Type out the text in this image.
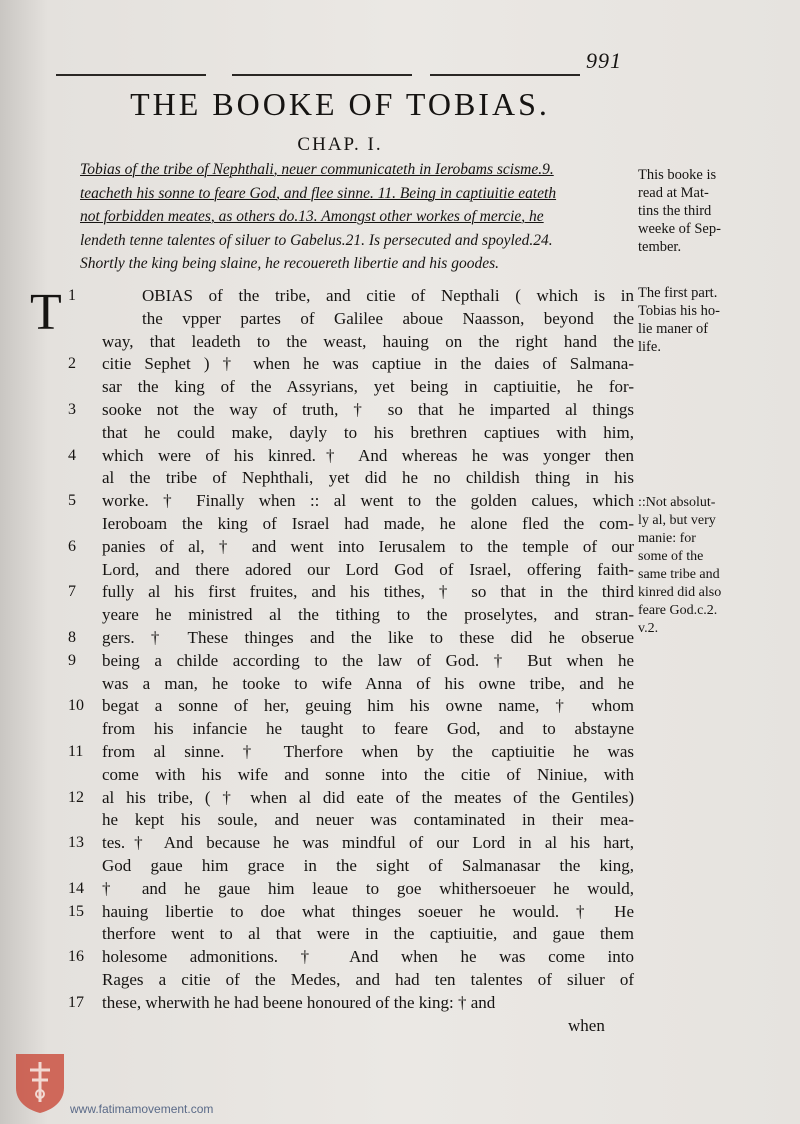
991
THE BOOKE OF TOBIAS.
CHAP. I.
Tobias of the tribe of Nephthali, neuer communicateth in Ierobams scisme.9.
teacheth his sonne to feare God, and flee sinne. 11. Being in captiuitie eateth
not forbidden meates, as others do.13. Amongst other workes of mercie, he
lendeth tenne talentes of siluer to Gabelus.21. Is persecuted and spoyled.24.
Shortly the king being slaine, he recouereth libertie and his goodes.
This booke is
read at Mat-
tins the third
weeke of Sep-
tember.
The first part.
Tobias his ho-
lie maner of
life.
::Not absolut-
ly al, but very
manie: for
some of the
same tribe and
kinred did also
feare God.c.2.
v.2.
T 1	OBIAS of the tribe, and citie of Nepthali ( which is in
the vpper partes of Galilee aboue Naasson, beyond the
way, that leadeth to the weast, hauing on the right hand the
2	citie Sephet ) † when he was captiue in the daies of Salmana-
sar the king of the Assyrians, yet being in captiuitie, he for-
3	sooke not the way of truth, † so that he imparted al things
that he could make, dayly to his brethren captiues with him,
4	which were of his kinred.† And whereas he was yonger then
al the tribe of Nephthali, yet did he no childish thing in his
5	worke. † Finally when :: al went to the golden calues, which
Ieroboam the king of Israel had made, he alone fled the com-
6	panies of al, † and went into Ierusalem to the temple of our
Lord, and there adored our Lord God of Israel, offering faith-
7	fully al his first fruites, and his tithes, † so that in the third
yeare he ministred al the tithing to the proselytes, and stran-
8	gers. † These thinges and the like to these did he obserue
9	being a childe according to the law of God. † But when he
was a man, he tooke to wife Anna of his owne tribe, and he
10	begat a sonne of her, geuing him his owne name, † whom
from his infancie he taught to feare God, and to abstayne
11	from al sinne. † Therfore when by the captiuitie he was
come with his wife and sonne into the citie of Niniue, with
12	al his tribe, ( † when al did eate of the meates of the Gentiles)
he kept his soule, and neuer was contaminated in their mea-
13	tes.† And because he was mindful of our Lord in al his hart,
God gaue him grace in the sight of Salmanasar the king,
14	† and he gaue him leaue to goe whithersoeuer he would,
15	hauing libertie to doe what thinges soeuer he would. † He
therfore went to al that were in the captiuitie, and gaue them
16	holesome admonitions. † And when he was come into
Rages a citie of the Medes, and had ten talentes of siluer of
17	these, wherwith he had beene honoured of the king: † and
when
www.fatimamovement.com
